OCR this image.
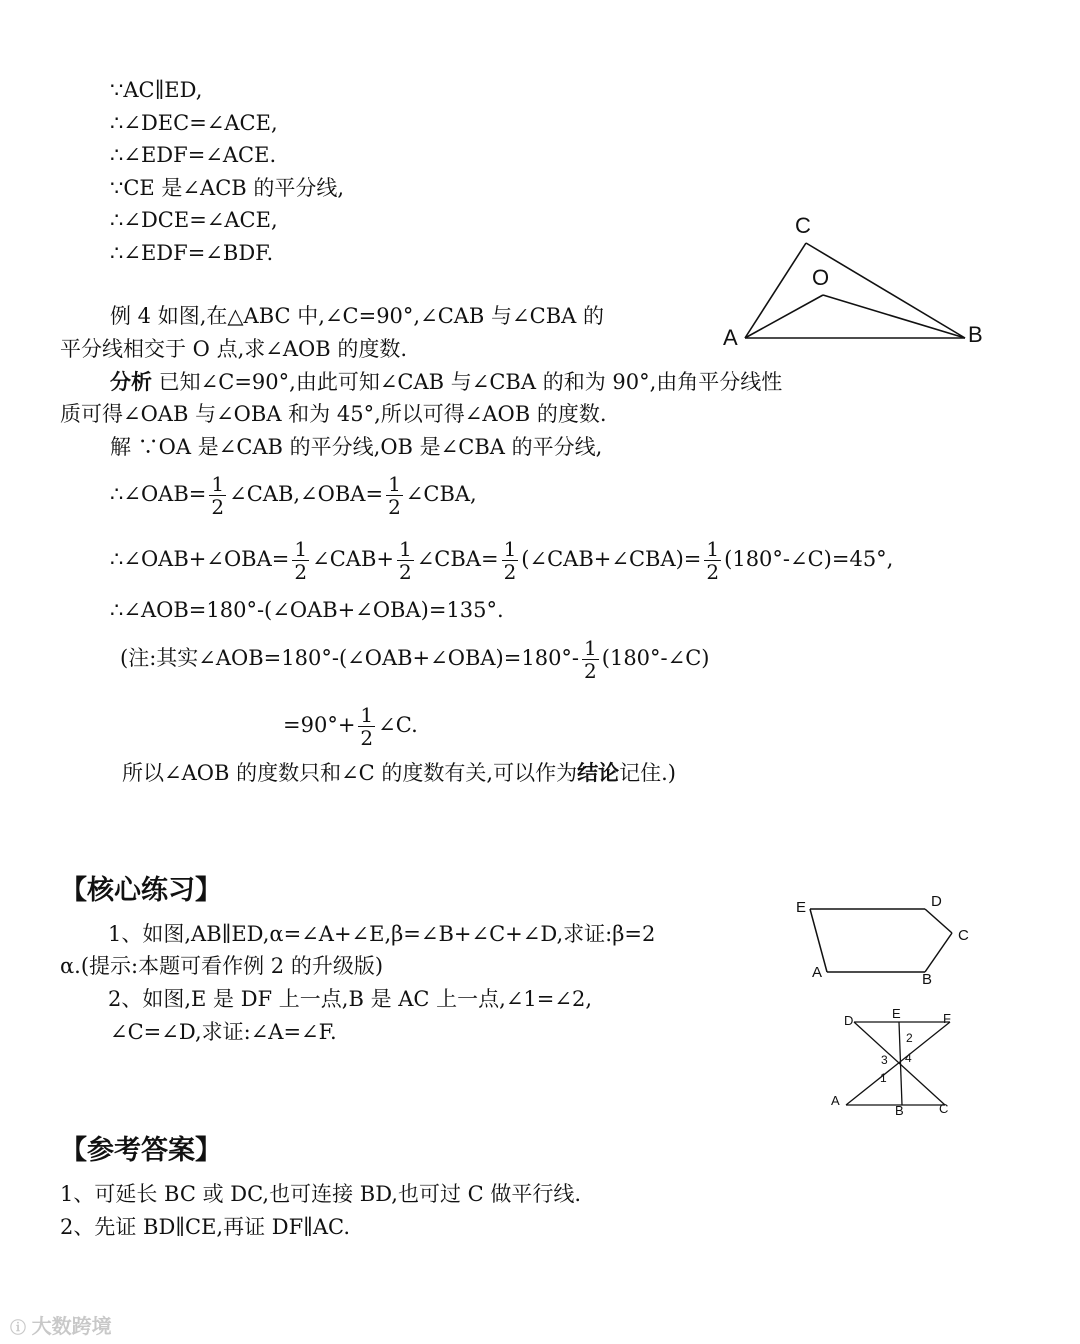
∵AC∥ED,
∴∠DEC=∠ACE,
∴∠EDF=∠ACE.
∵CE 是∠ACB 的平分线,
∴∠DCE=∠ACE,
∴∠EDF=∠BDF.
C
O
A	B
例 4 如图,在△ABC 中,∠C=90°,∠CAB 与∠CBA 的
平分线相交于 O 点,求∠AOB 的度数.
分析 已知∠C=90°,由此可知∠CAB 与∠CBA 的和为 90°,由角平分线性
质可得∠OAB 与∠OBA 和为 45°,所以可得∠AOB 的度数.
解 ∵OA 是∠CAB 的平分线,OB 是∠CBA 的平分线,
∴∠OAB= $\frac{1}{2}$ ∠CAB,∠OBA= $\frac{1}{2}$ ∠CBA,
∴∠OAB+∠OBA= $\frac{1}{2}$ ∠CAB+ $\frac{1}{2}$ ∠CBA= $\frac{1}{2}$ (∠CAB+∠CBA)= $\frac{1}{2}$ (180°-∠C)=45°,
∴∠AOB=180°-(∠OAB+∠OBA)=135°.
(注:其实∠AOB=180°-(∠OAB+∠OBA)=180°- $\frac{1}{2}$ (180°-∠C)
$=90^\circ+ \frac{1}{2}$ ∠C.
所以∠AOB 的度数只和∠C 的度数有关,可以作为结论记住.)
【核心练习】
1、如图,AB∥ED,α=∠A+∠E,β=∠B+∠C+∠D,求证:β=2
α.(提示:本题可看作例 2 的升级版)
2、如图,E 是 DF 上一点,B 是 AC 上一点,∠1=∠2,
∠C=∠D,求证:∠A=∠F.
E	D
C
A	B
D	E	F
2
3 4
1
A
B	C
【参考答案】
1、可延长 BC 或 DC,也可连接 BD,也可过 C 做平行线.
2、先证 BD∥CE,再证 DF∥AC.
ⓘ 大数跨境
